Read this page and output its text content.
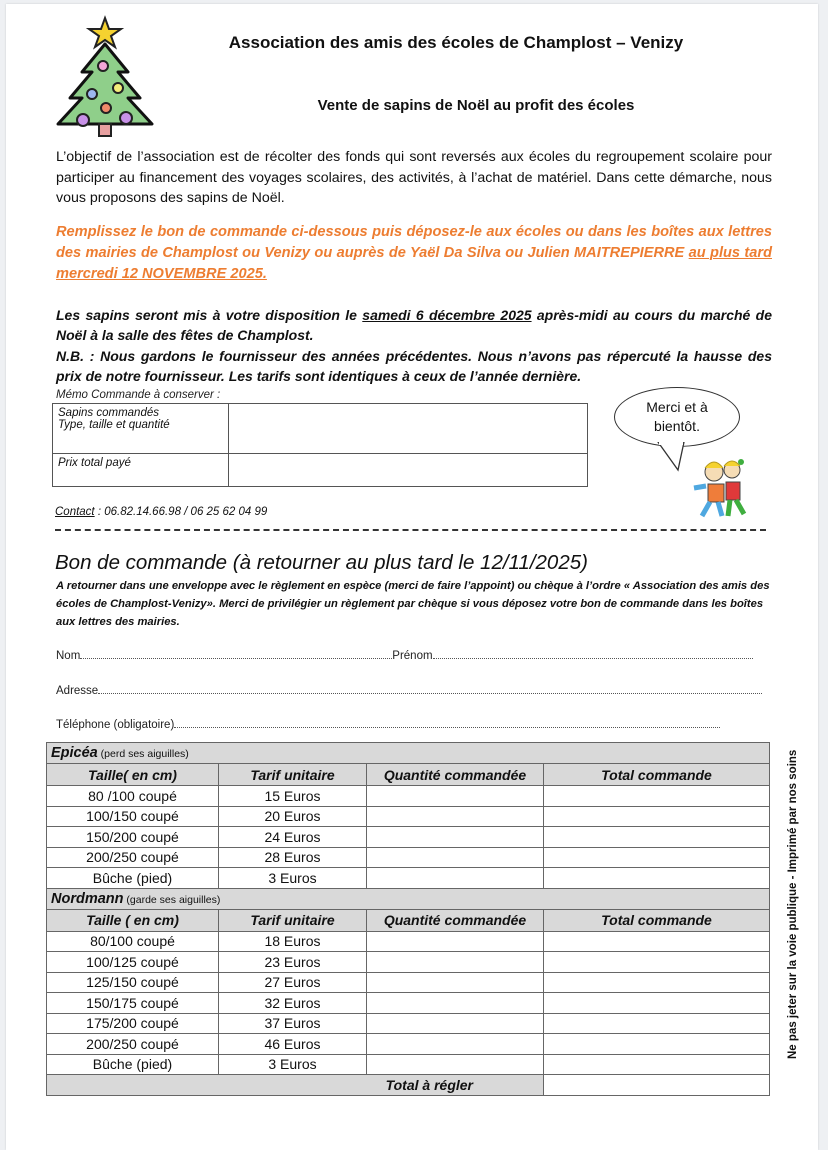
Association des amis des écoles de Champlost – Venizy
Vente de sapins de Noël au profit des écoles
L’objectif de l’association est de récolter des fonds qui sont reversés aux écoles du regroupement scolaire pour participer au financement des voyages scolaires, des activités, à l’achat de matériel. Dans cette démarche, nous vous proposons des sapins de Noël.
Remplissez le bon de commande ci-dessous puis déposez-le aux écoles ou dans les boîtes aux lettres des mairies de Champlost ou Venizy ou auprès de Yaël Da Silva ou Julien MAITREPIERRE au plus tard mercredi 12 NOVEMBRE 2025.
Les sapins seront mis à votre disposition le samedi 6 décembre 2025 après-midi au cours du marché de Noël à la salle des fêtes de Champlost.
N.B. : Nous gardons le fournisseur des années précédentes. Nous n’avons pas répercuté la hausse des prix de notre fournisseur. Les tarifs sont identiques à ceux de l’année dernière.
Mémo Commande à conserver :
Sapins commandés
Type, taille et quantité	

Prix total payé	
Merci et à
bientôt.
Contact : 06.82.14.66.98 / 06 25 62 04 99
Bon de commande (à retourner au plus tard le 12/11/2025)
A retourner dans une enveloppe avec le règlement en espèce (merci de faire l’appoint) ou chèque à l’ordre « Association des amis des écoles de Champlost-Venizy». Merci de privilégier un règlement par chèque si vous déposez votre bon de commande dans les boîtes aux lettres des mairies.
Nom	Prénom
Adresse
Téléphone (obligatoire)
Ne pas jeter sur la voie publique - Imprimé par nos soins
Epicéa (perd ses aiguilles)			
Taille( en cm)	Tarif unitaire	Quantité commandée	Total commande
80 /100 coupé	15 Euros		
100/150 coupé	20 Euros		
150/200 coupé	24 Euros		
200/250 coupé	28 Euros		
Bûche (pied)	3 Euros		
Nordmann (garde ses aiguilles)			
Taille ( en cm)	Tarif unitaire	Quantité commandée	Total commande
80/100 coupé	18 Euros		
100/125 coupé	23 Euros		
125/150 coupé	27 Euros		
150/175 coupé	32 Euros		
175/200 coupé	37 Euros		
200/250 coupé	46 Euros		
Bûche (pied)	3 Euros		
Total à régler			
